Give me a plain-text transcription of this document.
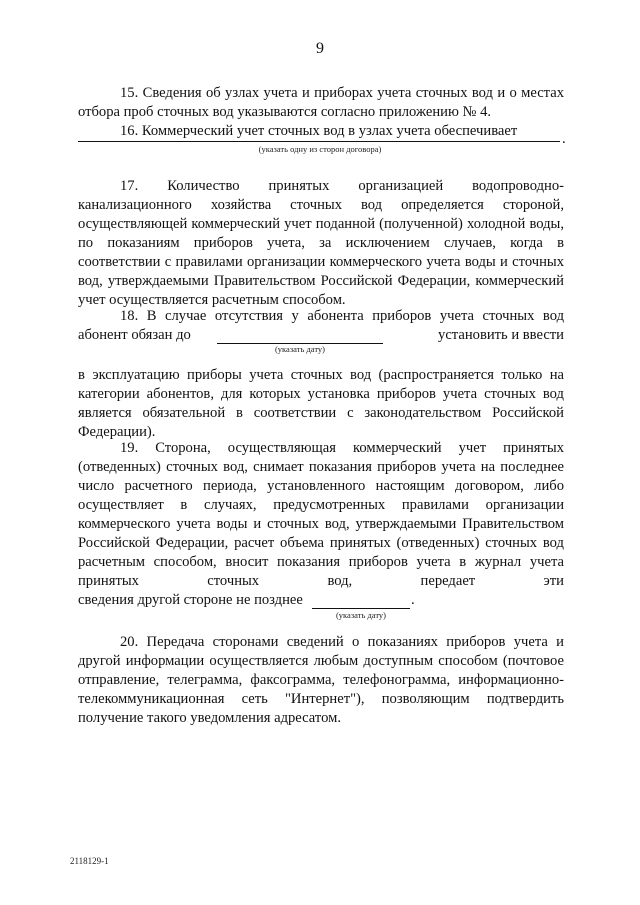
9
15. Сведения об узлах учета и приборах учета сточных вод и о местах отбора проб сточных вод указываются согласно приложению № 4.
16. Коммерческий учет сточных вод в узлах учета обеспечивает	.
(указать одну из сторон договора)
17. Количество принятых организацией водопроводно-канализационного хозяйства сточных вод определяется стороной, осуществляющей коммерческий учет поданной (полученной) холодной воды, по показаниям приборов учета, за исключением случаев, когда в соответствии с правилами организации коммерческого учета воды и сточных вод, утверждаемыми Правительством Российской Федерации, коммерческий учет осуществляется расчетным способом.
18. В случае отсутствия у абонента приборов учета сточных вод
абонент обязан до	установить и ввести
(указать дату)
в эксплуатацию приборы учета сточных вод (распространяется только на категории абонентов, для которых установка приборов учета сточных вод является обязательной в соответствии с законодательством Российской Федерации).
19. Сторона, осуществляющая коммерческий учет принятых (отведенных) сточных вод, снимает показания приборов учета на последнее число расчетного периода, установленного настоящим договором, либо осуществляет в случаях, предусмотренных правилами организации коммерческого учета воды и сточных вод, утверждаемыми Правительством Российской Федерации, расчет объема принятых (отведенных) сточных вод расчетным способом, вносит показания приборов учета в журнал учета принятых сточных вод, передает эти
сведения другой стороне не позднее	.
(указать дату)
20. Передача сторонами сведений о показаниях приборов учета и другой информации осуществляется любым доступным способом (почтовое отправление, телеграмма, факсограмма, телефонограмма, информационно-телекоммуникационная сеть "Интернет"), позволяющим подтвердить получение такого уведомления адресатом.
2118129-1
